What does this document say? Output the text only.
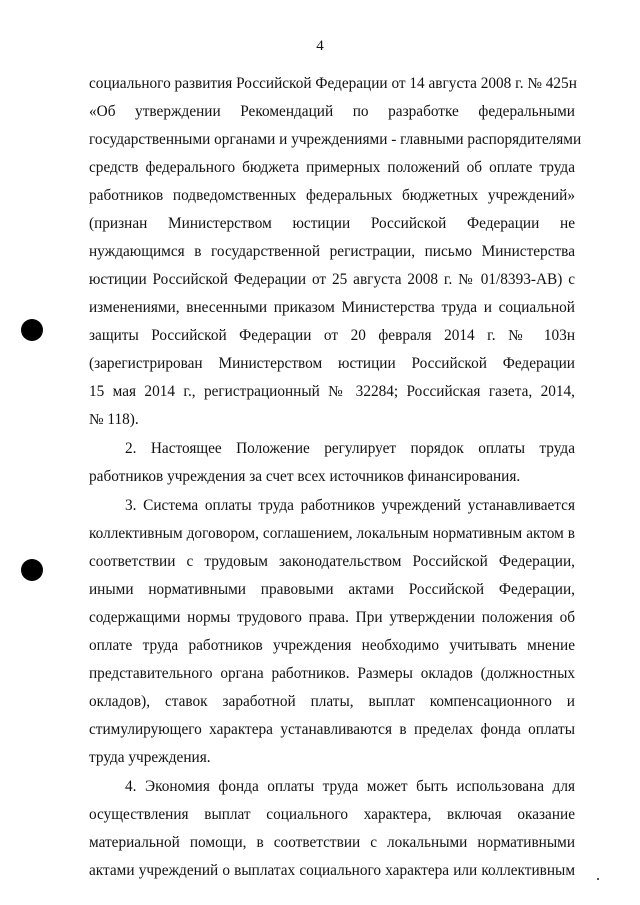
4
социального развития Российской Федерации от 14 августа 2008 г. № 425н
«Об утверждении Рекомендаций по разработке федеральными
государственными органами и учреждениями - главными распорядителями
средств федерального бюджета примерных положений об оплате труда
работников подведомственных федеральных бюджетных учреждений»
(признан Министерством юстиции Российской Федерации не
нуждающимся в государственной регистрации, письмо Министерства
юстиции Российской Федерации от 25 августа 2008 г. № 01/8393-АВ) с
изменениями, внесенными приказом Министерства труда и социальной
защиты Российской Федерации от 20 февраля 2014 г. № 103н
(зарегистрирован Министерством юстиции Российской Федерации
15 мая 2014 г., регистрационный № 32284; Российская газета, 2014,
№ 118).
2. Настоящее Положение регулирует порядок оплаты труда
работников учреждения за счет всех источников финансирования.
3. Система оплаты труда работников учреждений устанавливается
коллективным договором, соглашением, локальным нормативным актом в
соответствии с трудовым законодательством Российской Федерации,
иными нормативными правовыми актами Российской Федерации,
содержащими нормы трудового права. При утверждении положения об
оплате труда работников учреждения необходимо учитывать мнение
представительного органа работников. Размеры окладов (должностных
окладов), ставок заработной платы, выплат компенсационного и
стимулирующего характера устанавливаются в пределах фонда оплаты
труда учреждения.
4. Экономия фонда оплаты труда может быть использована для
осуществления выплат социального характера, включая оказание
материальной помощи, в соответствии с локальными нормативными
актами учреждений о выплатах социального характера или коллективным
